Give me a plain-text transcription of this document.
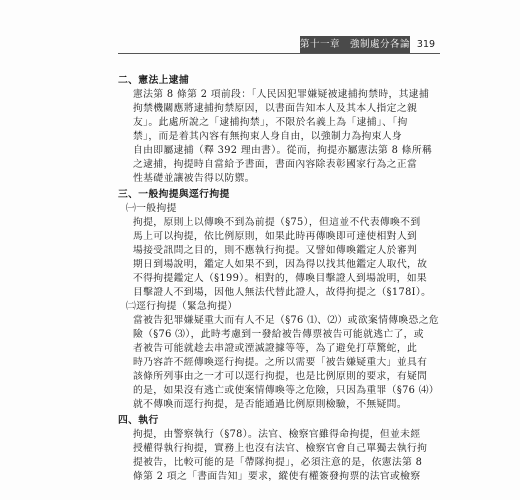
第十一章　強制處分各論 319
二、憲法上逮捕
憲法第 8 條第 2 項前段：「人民因犯罪嫌疑被逮捕拘禁時，其逮捕
拘禁機關應將逮捕拘禁原因，以書面告知本人及其本人指定之親
友」。此處所說之「逮捕拘禁」，不限於名義上為「逮捕」、「拘
禁」，而是着其內容有無拘束人身自由，以強制力為拘束人身
自由即屬逮捕（釋 392 理由書）。從而，拘提亦屬憲法第 8 條所稱
之逮捕，拘提時自當給予書面，書面內容除表彰國家行為之正當
性基礎並讓被告得以防禦。
三、一般拘提與逕行拘提
㈠一般拘提
拘提，原則上以傳喚不到為前提（§75），但這並不代表傳喚不到
馬上可以拘提，依比例原則，如果此時再傳喚即可達使相對人到
場接受訊問之目的，則不應執行拘提。又譬如傳喚鑑定人於審判
期日到場說明，鑑定人如果不到，因為得以找其他鑑定人取代，故
不得拘提鑑定人（§199）。相對的，傳喚目擊證人到場說明，如果
目擊證人不到場，因他人無法代替此證人，故得拘提之（§178Ⅰ）。
㈡逕行拘提（緊急拘提）
當被告犯罪嫌疑重大而有人不足（§76 ⑴、⑵）或欲案情傳喚恐之危
險（§76 ⑶），此時考慮到一發給被告傳票被告可能就逃亡了，或
者被告可能就趁去串證或湮滅證據等等，為了避免打草驚蛇，此
時乃容許不經傳喚逕行拘提。之所以需要「被告嫌疑重大」並具有
該條所列事由之一才可以逕行拘提，也是比例原則的要求，有疑問
的是，如果沒有逃亡或使案情傳喚等之危險，只因為重罪（§76 ⑷）
就不傳喚而逕行拘提，是否能通過比例原則檢驗，不無疑問。
四、執行
拘提，由警察執行（§78）。法官、檢察官雖得命拘提，但並未經
授權得執行拘提，實務上也沒有法官、檢察官會自己單獨去執行拘
提被告，比較可能的是「帶隊拘提」，必須注意的是，依憲法第 8
條第 2 項之「書面告知」要求，縱使有權簽發拘票的法官或檢察
